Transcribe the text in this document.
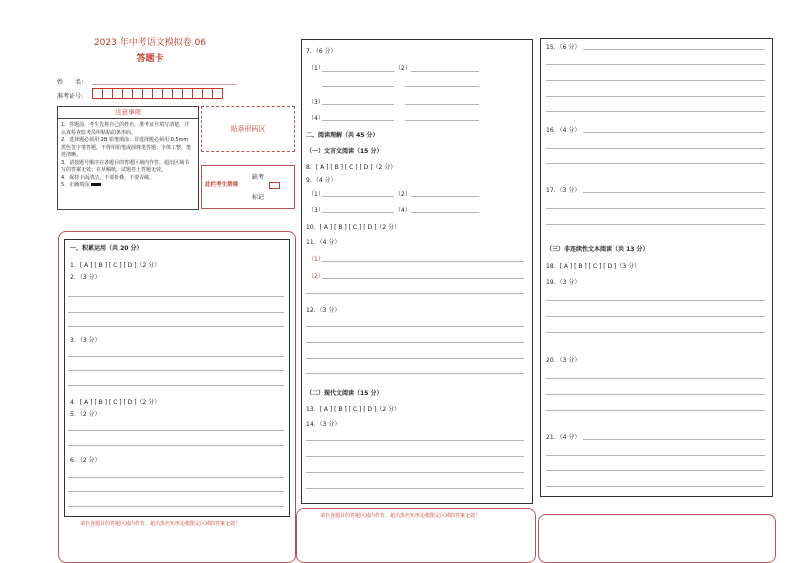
2023 年中考语文模拟卷 06
答题卡
姓　　名：
准考证号：
注意事项
1．答题前，考生先将自己的姓名，准考证号填写清楚，并认真检查监考员所粘贴的条形码。
2．选择题必须用 2B 铅笔填涂；非选择题必须用 0.5mm 黑色签字笔答题，不得用铅笔或圆珠笔答题；字体工整、笔迹清晰。
3．请按题号顺序在各题目的答题区域内作答，超出区域书写的答案无效；在草稿纸、试题卷上答题无效。
4．保持卡面清洁，不要折叠、不要弄破。
5．正确填涂
贴条形码区
此栏考生禁填
缺考
标记
一、积累运用（共 20 分）
1．[ A ] [ B ] [ C ] [ D ]（2 分）
2．（3 分）
3．（3 分）
4．[ A ] [ B ] [ C ] [ D ]（2 分）
5．（2 分）
6．（2 分）
请在各题目的答题区域内作答，超出黑色矩形边框限定区域的答案无效！
7．（6 分）
（1）	（2）
（3）
（4）
二、阅读理解（共 45 分）
（一）文言文阅读（15 分）
8．[ A ] [ B ] [ C ] [ D ]（2 分）
9．（4 分）
（1）	（2）
（3）	（4）
10．[ A ] [ B ] [ C ] [ D ]（2 分）
11．（4 分）
（1）
（2）
12．（3 分）
（二）现代文阅读（15 分）
13．[ A ] [ B ] [ C ] [ D ]（2 分）
14．（3 分）
请在各题目的答题区域内作答，超出黑色矩形边框限定区域的答案无效！
15．（6 分）
16．（4 分）
17．（3 分）
（三）非连续性文本阅读（共 13 分）
18．[ A ] [ B ] [ C ] [ D ]（3 分）
19．（3 分）
20．（3 分）
21．（4 分）
